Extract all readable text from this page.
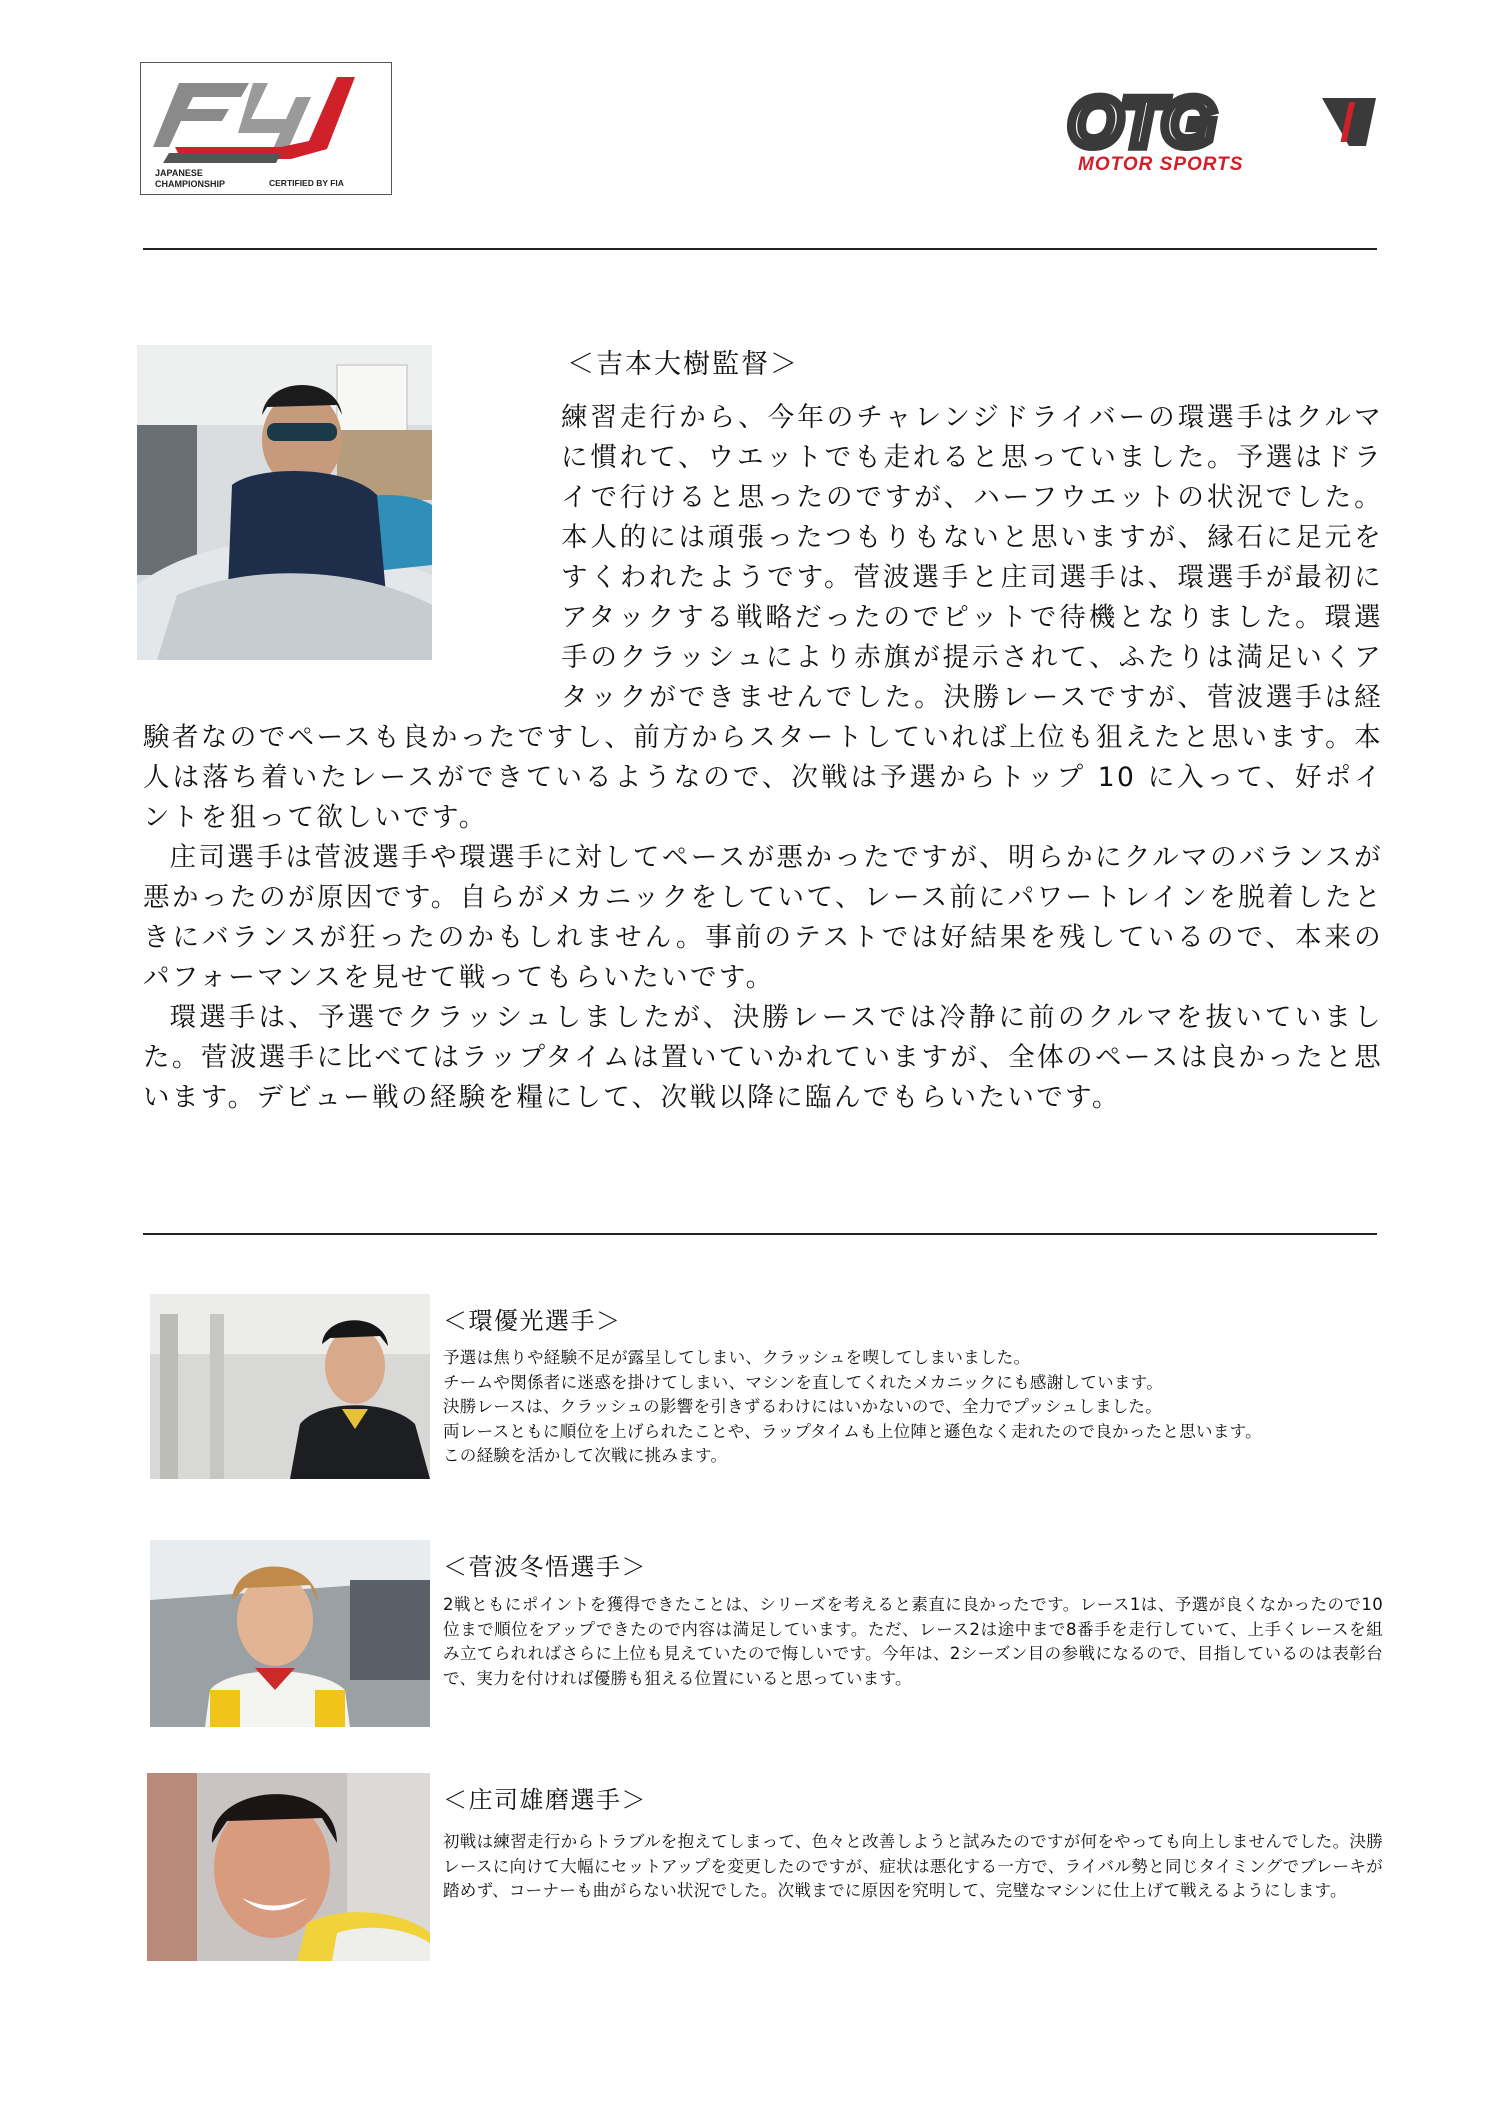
JAPANESE
CHAMPIONSHIP	CERTIFIED BY FIA
OTG
MOTOR SPORTS
＜吉本大樹監督＞

練習走行から、今年のチャレンジドライバーの環選手はクルマに慣れて、ウエットでも走れると思っていました。予選はドライで行けると思ったのですが、ハーフウエットの状況でした。本人的には頑張ったつもりもないと思いますが、縁石に足元をすくわれたようです。菅波選手と庄司選手は、環選手が最初にアタックする戦略だったのでピットで待機となりました。環選手のクラッシュにより赤旗が提示されて、ふたりは満足いくアタックができませんでした。決勝レースですが、菅波選手は経験者なのでペースも良かったですし、前方からスタートしていれば上位も狙えたと思います。本人は落ち着いたレースができているようなので、次戦は予選からトップ 10 に入って、好ポイントを狙って欲しいです。

庄司選手は菅波選手や環選手に対してペースが悪かったですが、明らかにクルマのバランスが悪かったのが原因です。自らがメカニックをしていて、レース前にパワートレインを脱着したときにバランスが狂ったのかもしれません。事前のテストでは好結果を残しているので、本来のパフォーマンスを見せて戦ってもらいたいです。

環選手は、予選でクラッシュしましたが、決勝レースでは冷静に前のクルマを抜いていました。菅波選手に比べてはラップタイムは置いていかれていますが、全体のペースは良かったと思います。デビュー戦の経験を糧にして、次戦以降に臨んでもらいたいです。

＜環優光選手＞
予選は焦りや経験不足が露呈してしまい、クラッシュを喫してしまいました。
チームや関係者に迷惑を掛けてしまい、マシンを直してくれたメカニックにも感謝しています。
決勝レースは、クラッシュの影響を引きずるわけにはいかないので、全力でプッシュしました。
両レースともに順位を上げられたことや、ラップタイムも上位陣と遜色なく走れたので良かったと思います。
この経験を活かして次戦に挑みます。
＜菅波冬悟選手＞
2戦ともにポイントを獲得できたことは、シリーズを考えると素直に良かったです。レース1は、予選が良くなかったので10位まで順位をアップできたので内容は満足しています。ただ、レース2は途中まで8番手を走行していて、上手くレースを組み立てられればさらに上位も見えていたので悔しいです。今年は、2シーズン目の参戦になるので、目指しているのは表彰台で、実力を付ければ優勝も狙える位置にいると思っています。
＜庄司雄磨選手＞
初戦は練習走行からトラブルを抱えてしまって、色々と改善しようと試みたのですが何をやっても向上しませんでした。決勝レースに向けて大幅にセットアップを変更したのですが、症状は悪化する一方で、ライバル勢と同じタイミングでブレーキが踏めず、コーナーも曲がらない状況でした。次戦までに原因を究明して、完璧なマシンに仕上げて戦えるようにします。
